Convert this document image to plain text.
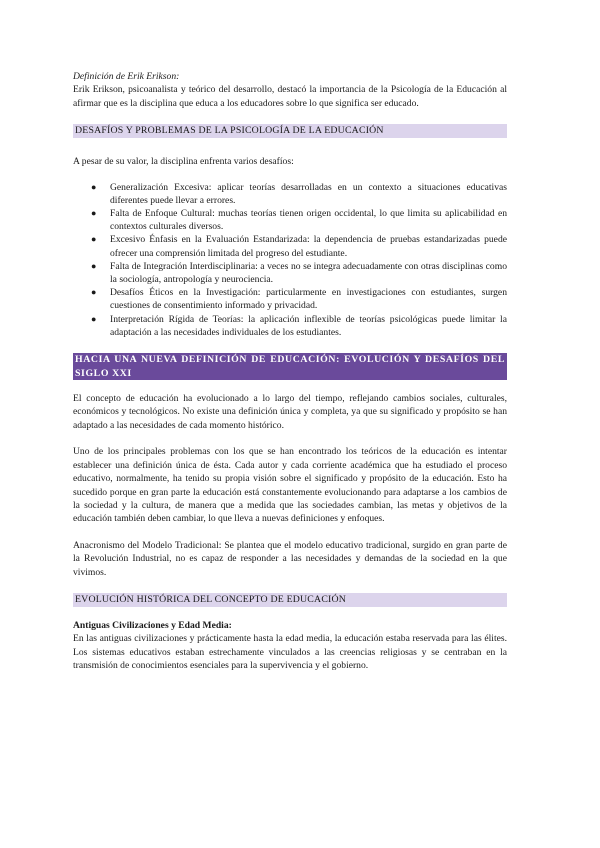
Definición de Erik Erikson:

Erik Erikson, psicoanalista y teórico del desarrollo, destacó la importancia de la Psicología de la Educación al afirmar que es la disciplina que educa a los educadores sobre lo que significa ser educado.

DESAFÍOS Y PROBLEMAS DE LA PSICOLOGÍA DE LA EDUCACIÓN

A pesar de su valor, la disciplina enfrenta varios desafíos:

● Generalización Excesiva: aplicar teorías desarrolladas en un contexto a situaciones educativas diferentes puede llevar a errores.
● Falta de Enfoque Cultural: muchas teorías tienen origen occidental, lo que limita su aplicabilidad en contextos culturales diversos.
● Excesivo Énfasis en la Evaluación Estandarizada: la dependencia de pruebas estandarizadas puede ofrecer una comprensión limitada del progreso del estudiante.
● Falta de Integración Interdisciplinaria: a veces no se integra adecuadamente con otras disciplinas como la sociología, antropología y neurociencia.
● Desafíos Éticos en la Investigación: particularmente en investigaciones con estudiantes, surgen cuestiones de consentimiento informado y privacidad.
● Interpretación Rígida de Teorías: la aplicación inflexible de teorías psicológicas puede limitar la adaptación a las necesidades individuales de los estudiantes.
HACIA UNA NUEVA DEFINICIÓN DE EDUCACIÓN: EVOLUCIÓN Y DESAFÍOS DEL SIGLO XXI

El concepto de educación ha evolucionado a lo largo del tiempo, reflejando cambios sociales, culturales, económicos y tecnológicos. No existe una definición única y completa, ya que su significado y propósito se han adaptado a las necesidades de cada momento histórico.

Uno de los principales problemas con los que se han encontrado los teóricos de la educación es intentar establecer una definición única de ésta. Cada autor y cada corriente académica que ha estudiado el proceso educativo, normalmente, ha tenido su propia visión sobre el significado y propósito de la educación. Esto ha sucedido porque en gran parte la educación está constantemente evolucionando para adaptarse a los cambios de la sociedad y la cultura, de manera que a medida que las sociedades cambian, las metas y objetivos de la educación también deben cambiar, lo que lleva a nuevas definiciones y enfoques.

Anacronismo del Modelo Tradicional: Se plantea que el modelo educativo tradicional, surgido en gran parte de la Revolución Industrial, no es capaz de responder a las necesidades y demandas de la sociedad en la que vivimos.

EVOLUCIÓN HISTÓRICA DEL CONCEPTO DE EDUCACIÓN

Antiguas Civilizaciones y Edad Media:

En las antiguas civilizaciones y prácticamente hasta la edad media, la educación estaba reservada para las élites. Los sistemas educativos estaban estrechamente vinculados a las creencias religiosas y se centraban en la transmisión de conocimientos esenciales para la supervivencia y el gobierno.
